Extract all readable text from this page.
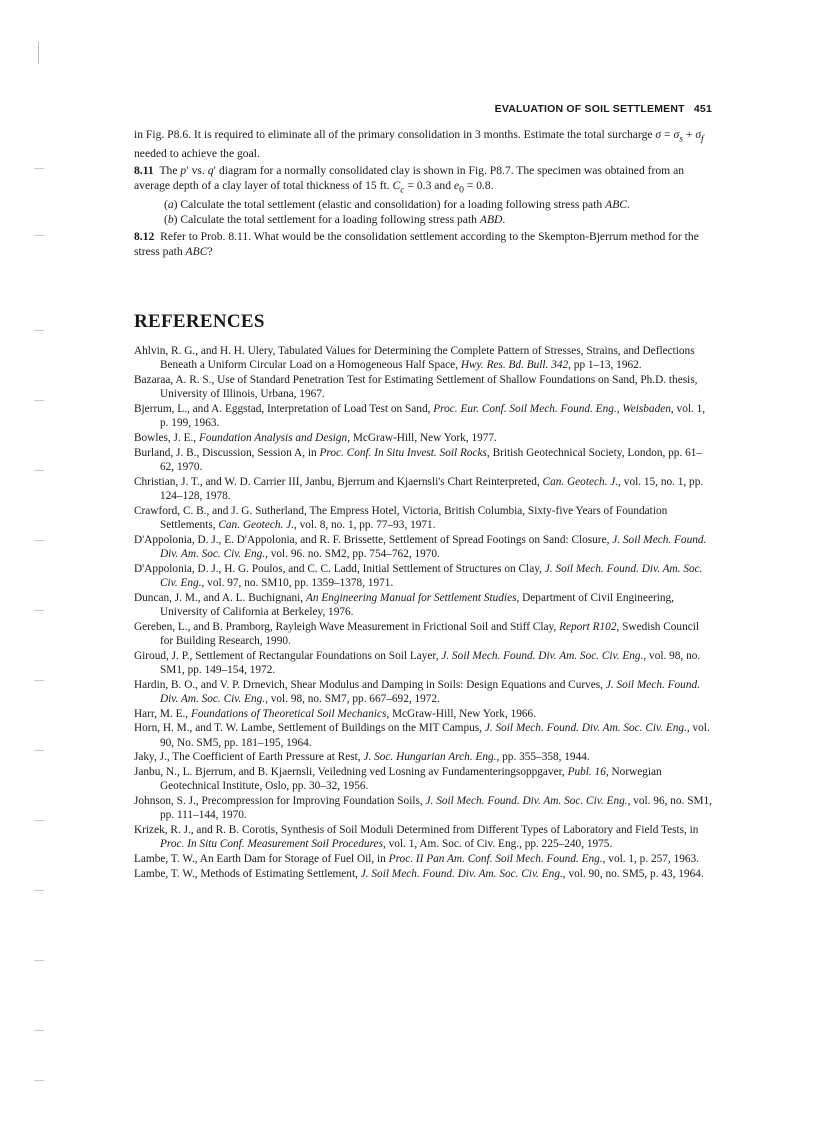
EVALUATION OF SOIL SETTLEMENT 451

in Fig. P8.6. It is required to eliminate all of the primary consolidation in 3 months. Estimate the total surcharge $\sigma = \sigma_s + \sigma_f$ needed to achieve the goal.

8.11  The p′ vs. q′ diagram for a normally consolidated clay is shown in Fig. P8.7. The specimen was obtained from an average depth of a clay layer of total thickness of 15 ft. $C_c = 0.3$ and $e_0 = 0.8$.

(a) Calculate the total settlement (elastic and consolidation) for a loading following stress path ABC.

(b) Calculate the total settlement for a loading following stress path ABD.

8.12  Refer to Prob. 8.11. What would be the consolidation settlement according to the Skempton-Bjerrum method for the stress path ABC?

REFERENCES
Ahlvin, R. G., and H. H. Ulery, Tabulated Values for Determining the Complete Pattern of Stresses, Strains, and Deflections Beneath a Uniform Circular Load on a Homogeneous Half Space, Hwy. Res. Bd. Bull. 342, pp 1–13, 1962.
Bazaraa, A. R. S., Use of Standard Penetration Test for Estimating Settlement of Shallow Foundations on Sand, Ph.D. thesis, University of Illinois, Urbana, 1967.
Bjerrum, L., and A. Eggstad, Interpretation of Load Test on Sand, Proc. Eur. Conf. Soil Mech. Found. Eng., Weisbaden, vol. 1, p. 199, 1963.
Bowles, J. E., Foundation Analysis and Design, McGraw-Hill, New York, 1977.
Burland, J. B., Discussion, Session A, in Proc. Conf. In Situ Invest. Soil Rocks, British Geotechnical Society, London, pp. 61–62, 1970.
Christian, J. T., and W. D. Carrier III, Janbu, Bjerrum and Kjaernsli's Chart Reinterpreted, Can. Geotech. J., vol. 15, no. 1, pp. 124–128, 1978.
Crawford, C. B., and J. G. Sutherland, The Empress Hotel, Victoria, British Columbia, Sixty-five Years of Foundation Settlements, Can. Geotech. J., vol. 8, no. 1, pp. 77–93, 1971.
D'Appolonia, D. J., E. D'Appolonia, and R. F. Brissette, Settlement of Spread Footings on Sand: Closure, J. Soil Mech. Found. Div. Am. Soc. Civ. Eng., vol. 96. no. SM2, pp. 754–762, 1970.
D'Appolonia, D. J., H. G. Poulos, and C. C. Ladd, Initial Settlement of Structures on Clay, J. Soil Mech. Found. Div. Am. Soc. Civ. Eng., vol. 97, no. SM10, pp. 1359–1378, 1971.
Duncan, J. M., and A. L. Buchignani, An Engineering Manual for Settlement Studies, Department of Civil Engineering, University of California at Berkeley, 1976.
Gereben, L., and B. Pramborg, Rayleigh Wave Measurement in Frictional Soil and Stiff Clay, Report R102, Swedish Council for Building Research, 1990.
Giroud, J. P., Settlement of Rectangular Foundations on Soil Layer, J. Soil Mech. Found. Div. Am. Soc. Civ. Eng., vol. 98, no. SM1, pp. 149–154, 1972.
Hardin, B. O., and V. P. Drnevich, Shear Modulus and Damping in Soils: Design Equations and Curves, J. Soil Mech. Found. Div. Am. Soc. Civ. Eng., vol. 98, no. SM7, pp. 667–692, 1972.
Harr, M. E., Foundations of Theoretical Soil Mechanics, McGraw-Hill, New York, 1966.
Horn, H. M., and T. W. Lambe, Settlement of Buildings on the MIT Campus, J. Soil Mech. Found. Div. Am. Soc. Civ. Eng., vol. 90, No. SM5, pp. 181–195, 1964.
Jaky, J., The Coefficient of Earth Pressure at Rest, J. Soc. Hungarian Arch. Eng., pp. 355–358, 1944.
Janbu, N., L. Bjerrum, and B. Kjaernsli, Veiledning ved Losning av Fundamenteringsoppgaver, Publ. 16, Norwegian Geotechnical Institute, Oslo, pp. 30–32, 1956.
Johnson, S. J., Precompression for Improving Foundation Soils, J. Soil Mech. Found. Div. Am. Soc. Civ. Eng., vol. 96, no. SM1, pp. 111–144, 1970.
Krizek, R. J., and R. B. Corotis, Synthesis of Soil Moduli Determined from Different Types of Laboratory and Field Tests, in Proc. In Situ Conf. Measurement Soil Procedures, vol. 1, Am. Soc. of Civ. Eng., pp. 225–240, 1975.
Lambe, T. W., An Earth Dam for Storage of Fuel Oil, in Proc. II Pan Am. Conf. Soil Mech. Found. Eng., vol. 1, p. 257, 1963.
Lambe, T. W., Methods of Estimating Settlement, J. Soil Mech. Found. Div. Am. Soc. Civ. Eng., vol. 90, no. SM5, p. 43, 1964.
